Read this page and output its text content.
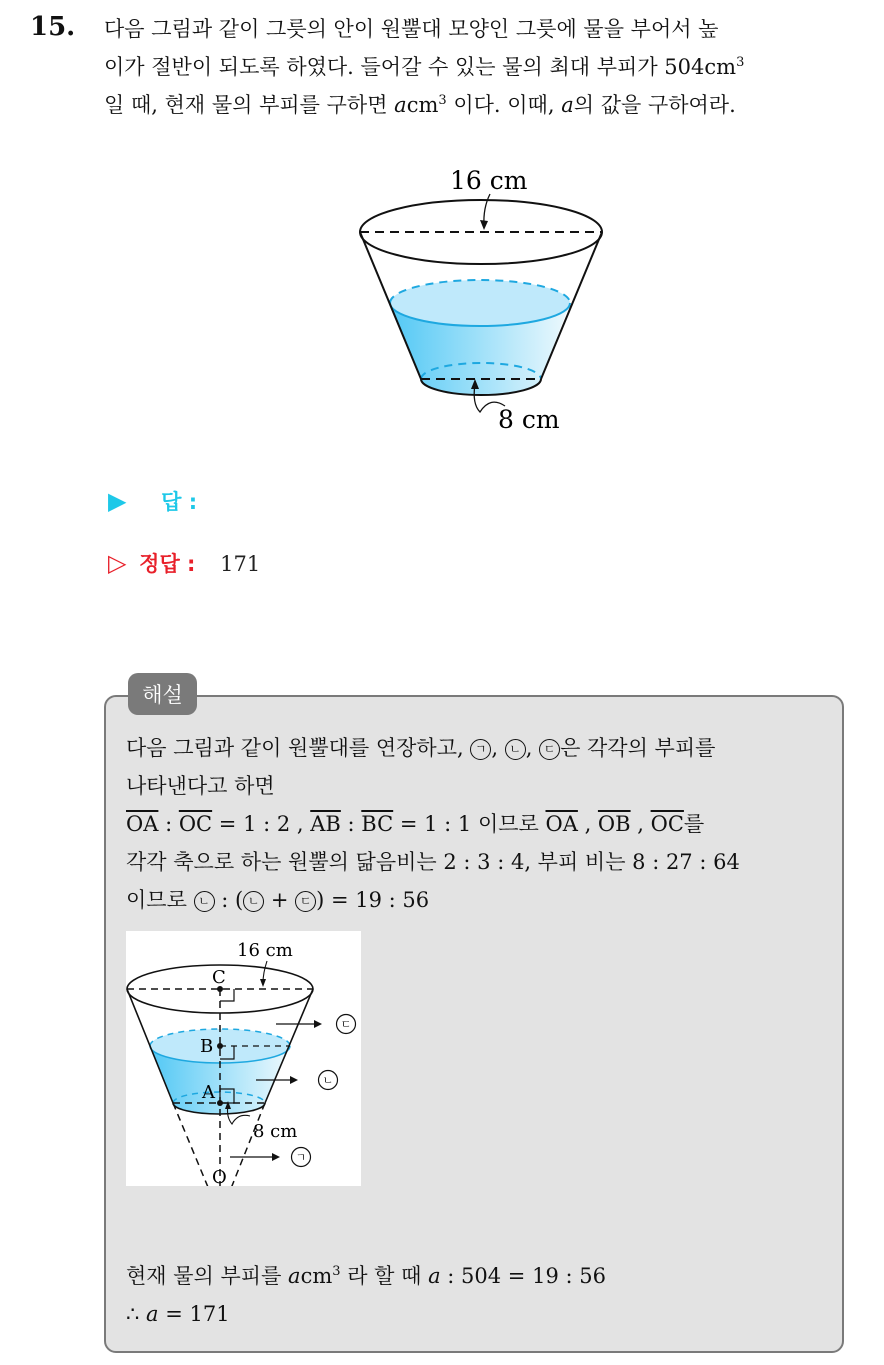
15. 다음 그림과 같이 그릇의 안이 원뿔대 모양인 그릇에 물을 부어서 높
이가 절반이 되도록 하였다. 들어갈 수 있는 물의 최대 부피가 $504cm^3$
일 때, 현재 물의 부피를 구하면 acm$^3$ 이다. 이때, a의 값을 구하여라.
16 cm
8 cm
▶ 답 :
▷ 정답 : 171
해설
다음 그림과 같이 원뿔대를 연장하고, ㄱ , ㄴ , ㄷ 은 각각의 부피를
나타낸다고 하면
$\overline{OA}$ : $\overline{OC} = 1$ : 2 , $\overline{AB}$ : $\overline{BC} = 1$ : 1 이므로 $\overline{OA}$ , $\overline{OB}$ , $\overline{OC}$를
각각 축으로 하는 원뿔의 닮음비는 2 : 3 : 4, 부피 비는 8 : 27 : 64
이므로 ㄴ : ( ㄴ + ㄷ ) = 19 : 56
C
B
A
O
16 cm
8 cm
ㄷ
ㄴ
ㄱ
현재 물의 부피를 acm$^3$ 라 할 때 a : 504 = 19 : 56
∴ a = 171
